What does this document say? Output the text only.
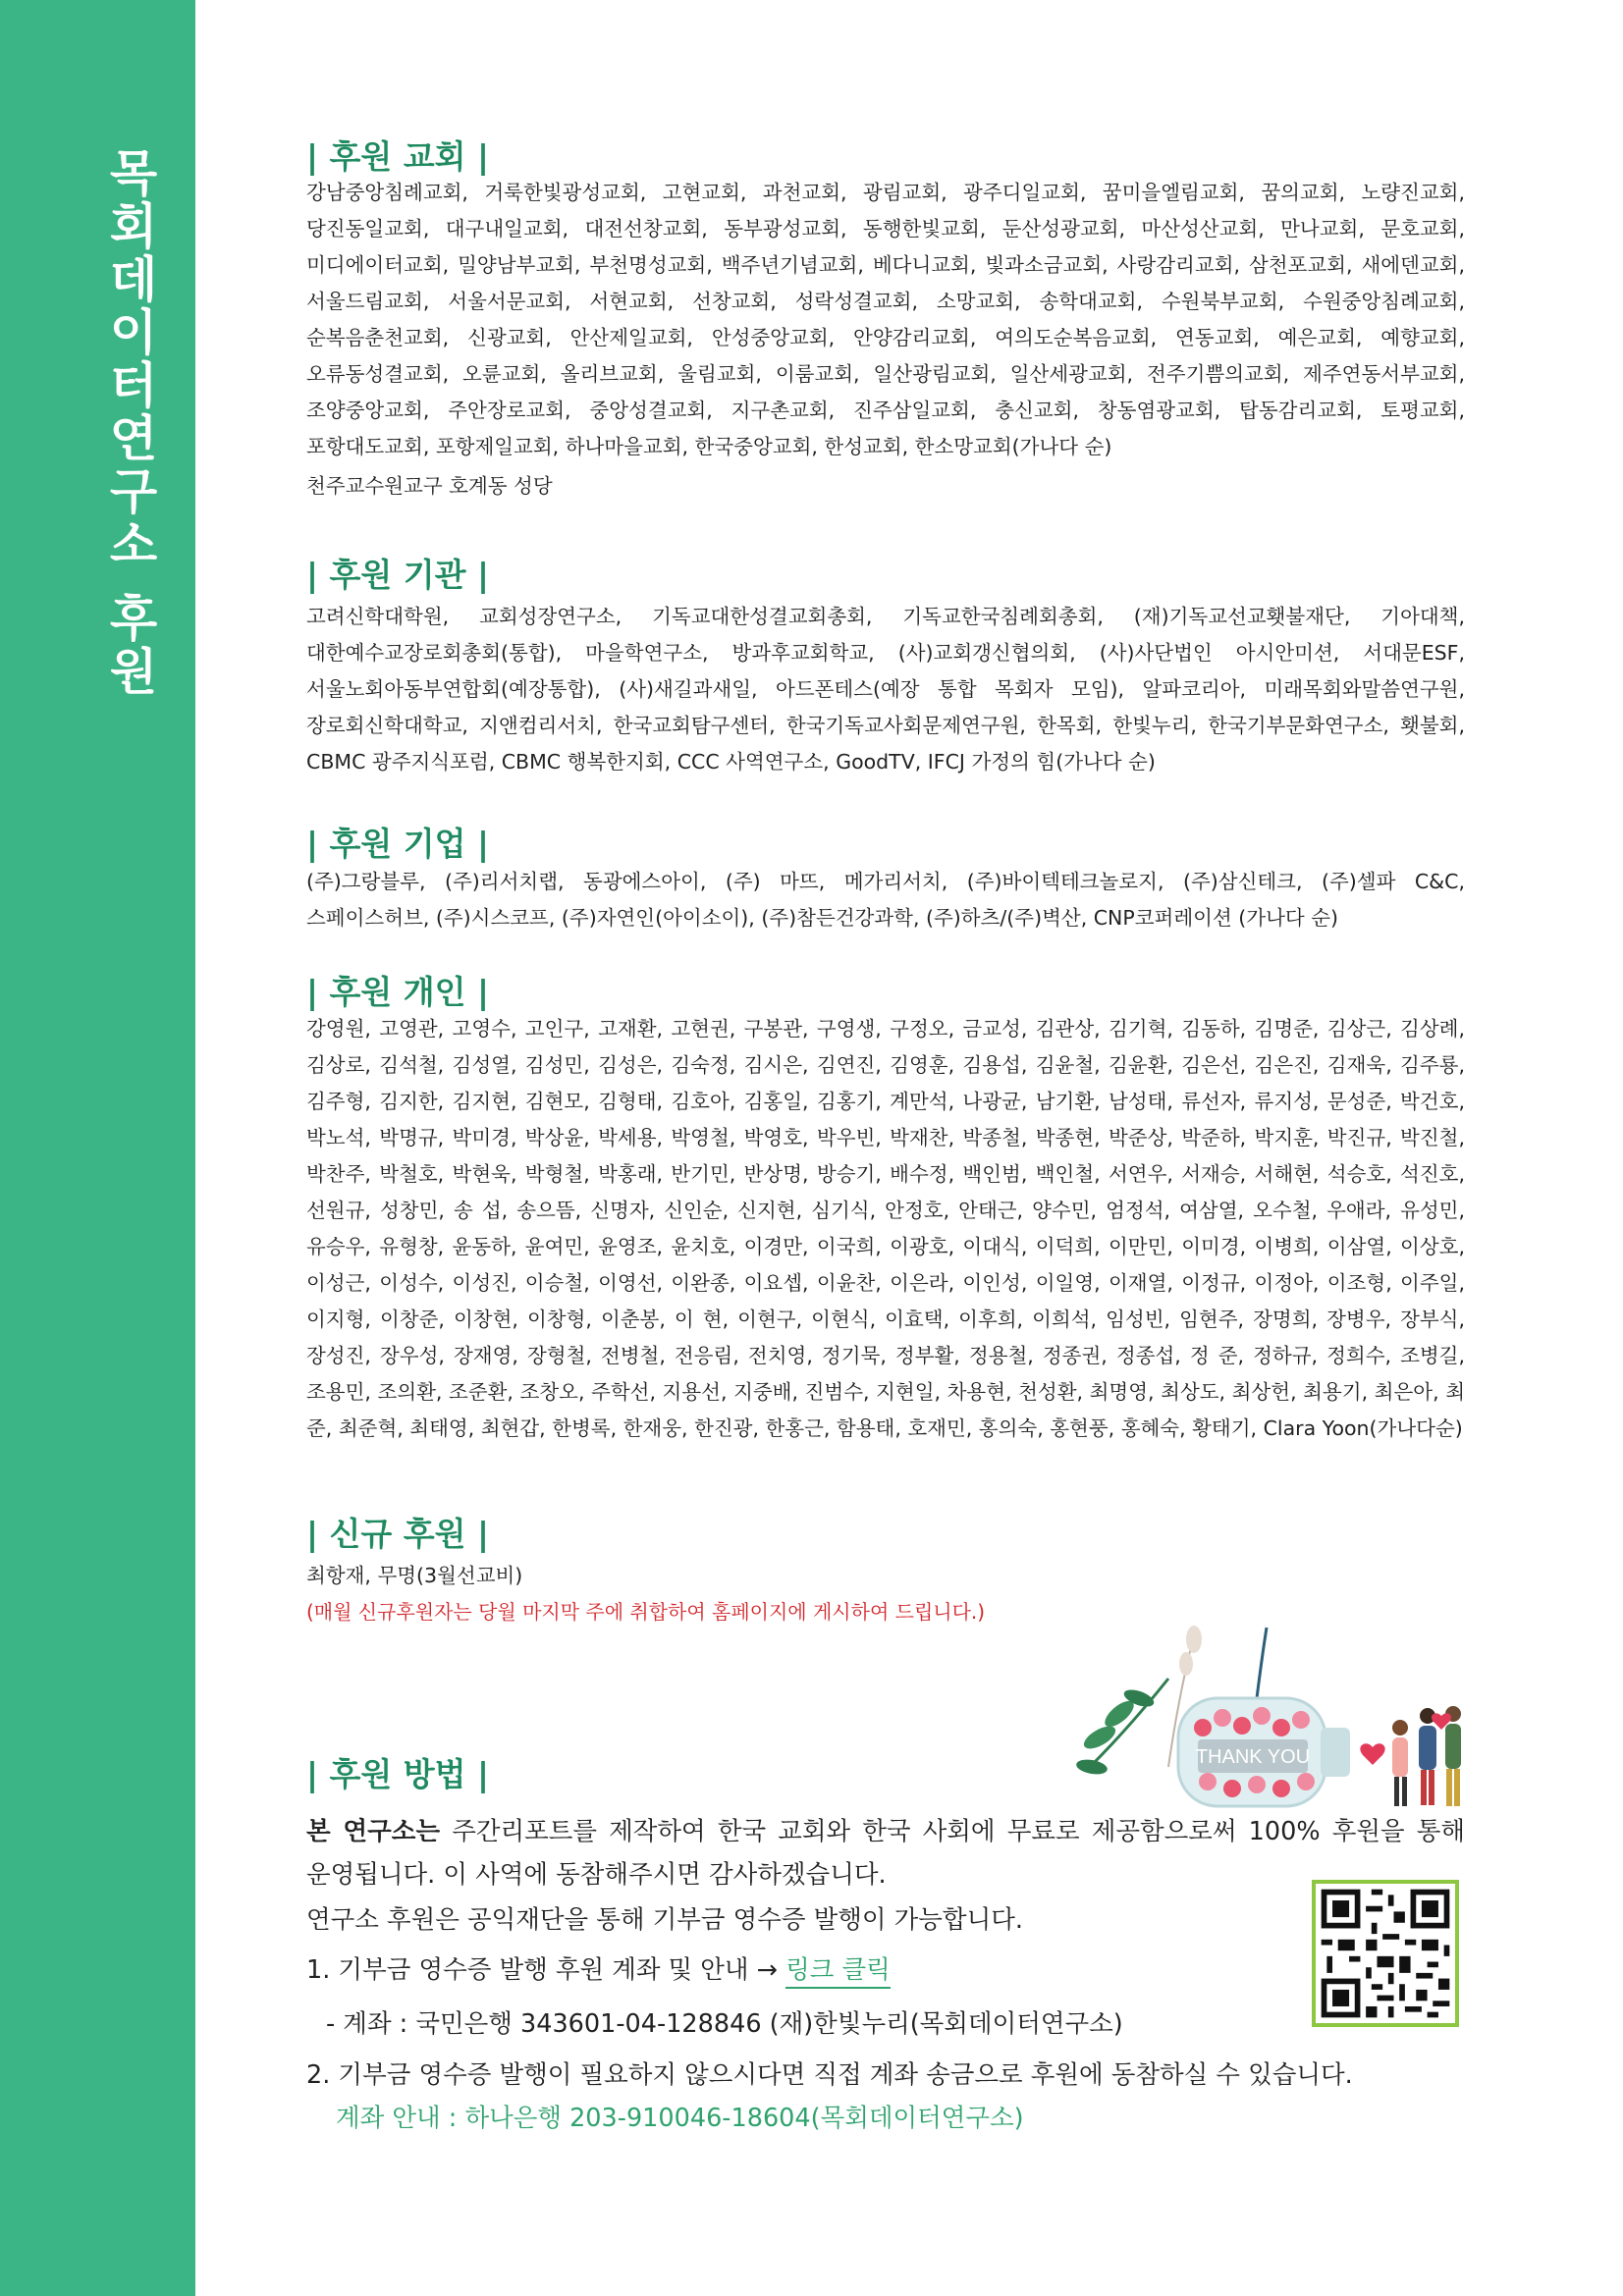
목회데이터연구소 후원	| 후원 교회 |
강남중앙침례교회, 거룩한빛광성교회, 고현교회, 과천교회, 광림교회, 광주디일교회, 꿈미을엘림교회, 꿈의교회, 노량진교회, 당진동일교회, 대구내일교회, 대전선창교회, 동부광성교회, 동행한빛교회, 둔산성광교회, 마산성산교회, 만나교회, 문호교회, 미디에이터교회, 밀양남부교회, 부천명성교회, 백주년기념교회, 베다니교회, 빛과소금교회, 사랑감리교회, 삼천포교회, 새에덴교회, 서울드림교회, 서울서문교회, 서현교회, 선창교회, 성락성결교회, 소망교회, 송학대교회, 수원북부교회, 수원중앙침례교회, 순복음춘천교회, 신광교회, 안산제일교회, 안성중앙교회, 안양감리교회, 여의도순복음교회, 연동교회, 예은교회, 예향교회, 오류동성결교회, 오륜교회, 올리브교회, 울림교회, 이룸교회, 일산광림교회, 일산세광교회, 전주기쁨의교회, 제주연동서부교회, 조양중앙교회, 주안장로교회, 중앙성결교회, 지구촌교회, 진주삼일교회, 충신교회, 창동염광교회, 탑동감리교회, 토평교회, 포항대도교회, 포항제일교회, 하나마을교회, 한국중앙교회, 한성교회, 한소망교회(가나다 순)
천주교수원교구 호계동 성당
| 후원 기관 |
고려신학대학원, 교회성장연구소, 기독교대한성결교회총회, 기독교한국침례회총회, (재)기독교선교횃불재단, 기아대책, 대한예수교장로회총회(통합), 마을학연구소, 방과후교회학교, (사)교회갱신협의회, (사)사단법인 아시안미션, 서대문ESF, 서울노회아동부연합회(예장통합), (사)새길과새일, 아드폰테스(예장 통합 목회자 모임), 알파코리아, 미래목회와말씀연구원, 장로회신학대학교, 지앤컴리서치, 한국교회탐구센터, 한국기독교사회문제연구원, 한목회, 한빛누리, 한국기부문화연구소, 횃불회, CBMC 광주지식포럼, CBMC 행복한지회, CCC 사역연구소, GoodTV, IFCJ 가정의 힘(가나다 순)
| 후원 기업 |
(주)그랑블루, (주)리서치랩, 동광에스아이, (주) 마뜨, 메가리서치, (주)바이텍테크놀로지, (주)삼신테크, (주)셀파 C&C, 스페이스허브, (주)시스코프, (주)자연인(아이소이), (주)참든건강과학, (주)하츠/(주)벽산, CNP코퍼레이션 (가나다 순)
| 후원 개인 |
강영원, 고영관, 고영수, 고인구, 고재환, 고현권, 구봉관, 구영생, 구정오, 금교성, 김관상, 김기혁, 김동하, 김명준, 김상근, 김상례, 김상로, 김석철, 김성열, 김성민, 김성은, 김숙정, 김시은, 김연진, 김영훈, 김용섭, 김윤철, 김윤환, 김은선, 김은진, 김재욱, 김주룡, 김주형, 김지한, 김지현, 김현모, 김형태, 김호아, 김홍일, 김홍기, 계만석, 나광균, 남기환, 남성태, 류선자, 류지성, 문성준, 박건호, 박노석, 박명규, 박미경, 박상윤, 박세용, 박영철, 박영호, 박우빈, 박재찬, 박종철, 박종현, 박준상, 박준하, 박지훈, 박진규, 박진철, 박찬주, 박철호, 박현욱, 박형철, 박홍래, 반기민, 반상명, 방승기, 배수정, 백인범, 백인철, 서연우, 서재승, 서해현, 석승호, 석진호, 선원규, 성창민, 송 섭, 송으뜸, 신명자, 신인순, 신지현, 심기식, 안정호, 안태근, 양수민, 엄정석, 여삼열, 오수철, 우애라, 유성민, 유승우, 유형창, 윤동하, 윤여민, 윤영조, 윤치호, 이경만, 이국희, 이광호, 이대식, 이덕희, 이만민, 이미경, 이병희, 이삼열, 이상호, 이성근, 이성수, 이성진, 이승철, 이영선, 이완종, 이요셉, 이윤찬, 이은라, 이인성, 이일영, 이재열, 이정규, 이정아, 이조형, 이주일, 이지형, 이창준, 이창현, 이창형, 이춘봉, 이 현, 이현구, 이현식, 이효택, 이후희, 이희석, 임성빈, 임현주, 장명희, 장병우, 장부식, 장성진, 장우성, 장재영, 장형철, 전병철, 전응림, 전치영, 정기묵, 정부활, 정용철, 정종권, 정종섭, 정 준, 정하규, 정희수, 조병길, 조용민, 조의환, 조준환, 조창오, 주학선, 지용선, 지중배, 진범수, 지현일, 차용현, 천성환, 최명영, 최상도, 최상헌, 최용기, 최은아, 최 준, 최준혁, 최태영, 최현갑, 한병록, 한재웅, 한진광, 한홍근, 함용태, 호재민, 홍의숙, 홍현풍, 홍혜숙, 황태기, Clara Yoon(가나다순)
| 신규 후원 |
최항재, 무명(3월선교비)
(매월 신규후원자는 당월 마지막 주에 취합하여 홈페이지에 게시하여 드립니다.)
| 후원 방법 |
본 연구소는 주간리포트를 제작하여 한국 교회와 한국 사회에 무료로 제공함으로써 100% 후원을 통해 운영됩니다. 이 사역에 동참해주시면 감사하겠습니다.
연구소 후원은 공익재단을 통해 기부금 영수증 발행이 가능합니다.
1. 기부금 영수증 발행 후원 계좌 및 안내 → 링크 클릭
- 계좌 : 국민은행 343601-04-128846 (재)한빛누리(목회데이터연구소)
2. 기부금 영수증 발행이 필요하지 않으시다면 직접 계좌 송금으로 후원에 동참하실 수 있습니다.
계좌 안내 : 하나은행 203-910046-18604(목회데이터연구소)
THANK YOU
